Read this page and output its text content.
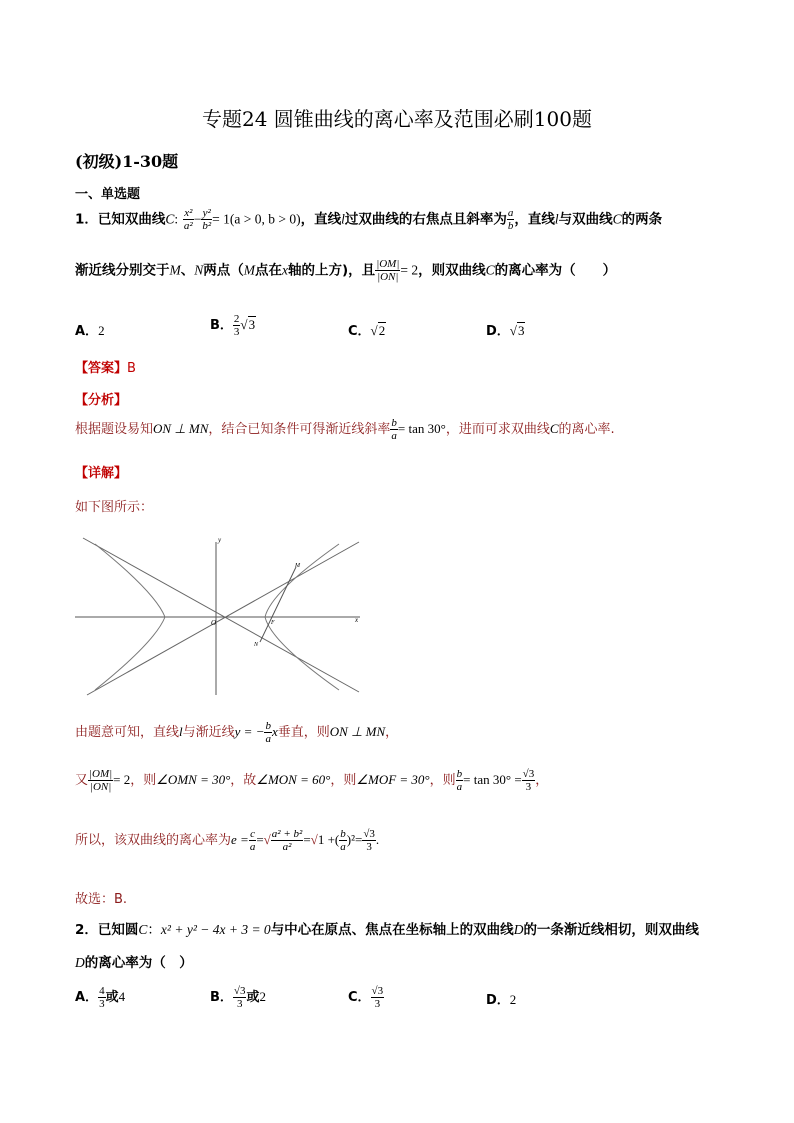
专题24 圆锥曲线的离心率及范围必刷100题
(初级)1-30题
一、单选题
1．已知双曲线C: $\frac{\text{x²}}{\text{a²}} - \frac{\text{y²}}{\text{b²}} = 1(a > 0$, b > 0)，直线l过双曲线的右焦点且斜率为 $\frac{a}{b}$ ，直线l与双曲线C的两条
渐近线分别交于M、N两点（M点在x轴的上方)，且 $\frac{|OM|}{|ON|} = 2$，则双曲线C的离心率为（　　）
A．2	B． $\frac{2}{3} √3$	C．√2	D．√3
【答案】B
【分析】
根据题设易知ON ⊥ MN，结合已知条件可得渐近线斜率 $\frac{b}{a} = \tan 30^\circ$，进而可求双曲线C的离心率.
【详解】
如下图所示：
y
x
O	F
M
N
由题意可知，直线l与渐近线y = − $\frac{b}{a}$ x垂直，则ON ⊥ MN，
又 $\frac{|OM|}{|ON|} = 2$，则∠OMN = 30°，故∠MON = 60°，则∠MOF = 30°，则 $\frac{b}{a} = \tan 30^\circ = \frac{√3}{3}$ ，
所以，该双曲线的离心率为$e = \frac{c}{a}$ =√ $\frac{\text{a² + b²}}{\text{a²}} =√1$ +( $\frac{b}{a} )^2= \frac{√3}{3}$ .
故选：B.
2．已知圆C：x² + y² − 4x + 3 = 0与中心在原点、焦点在坐标轴上的双曲线D的一条渐近线相切，则双曲线
D的离心率为（　）
A． $\frac{4}{3}$ 或4	B． $\frac{√3}{3}$ 或2	C． $\frac{√3}{3}$	D．2
